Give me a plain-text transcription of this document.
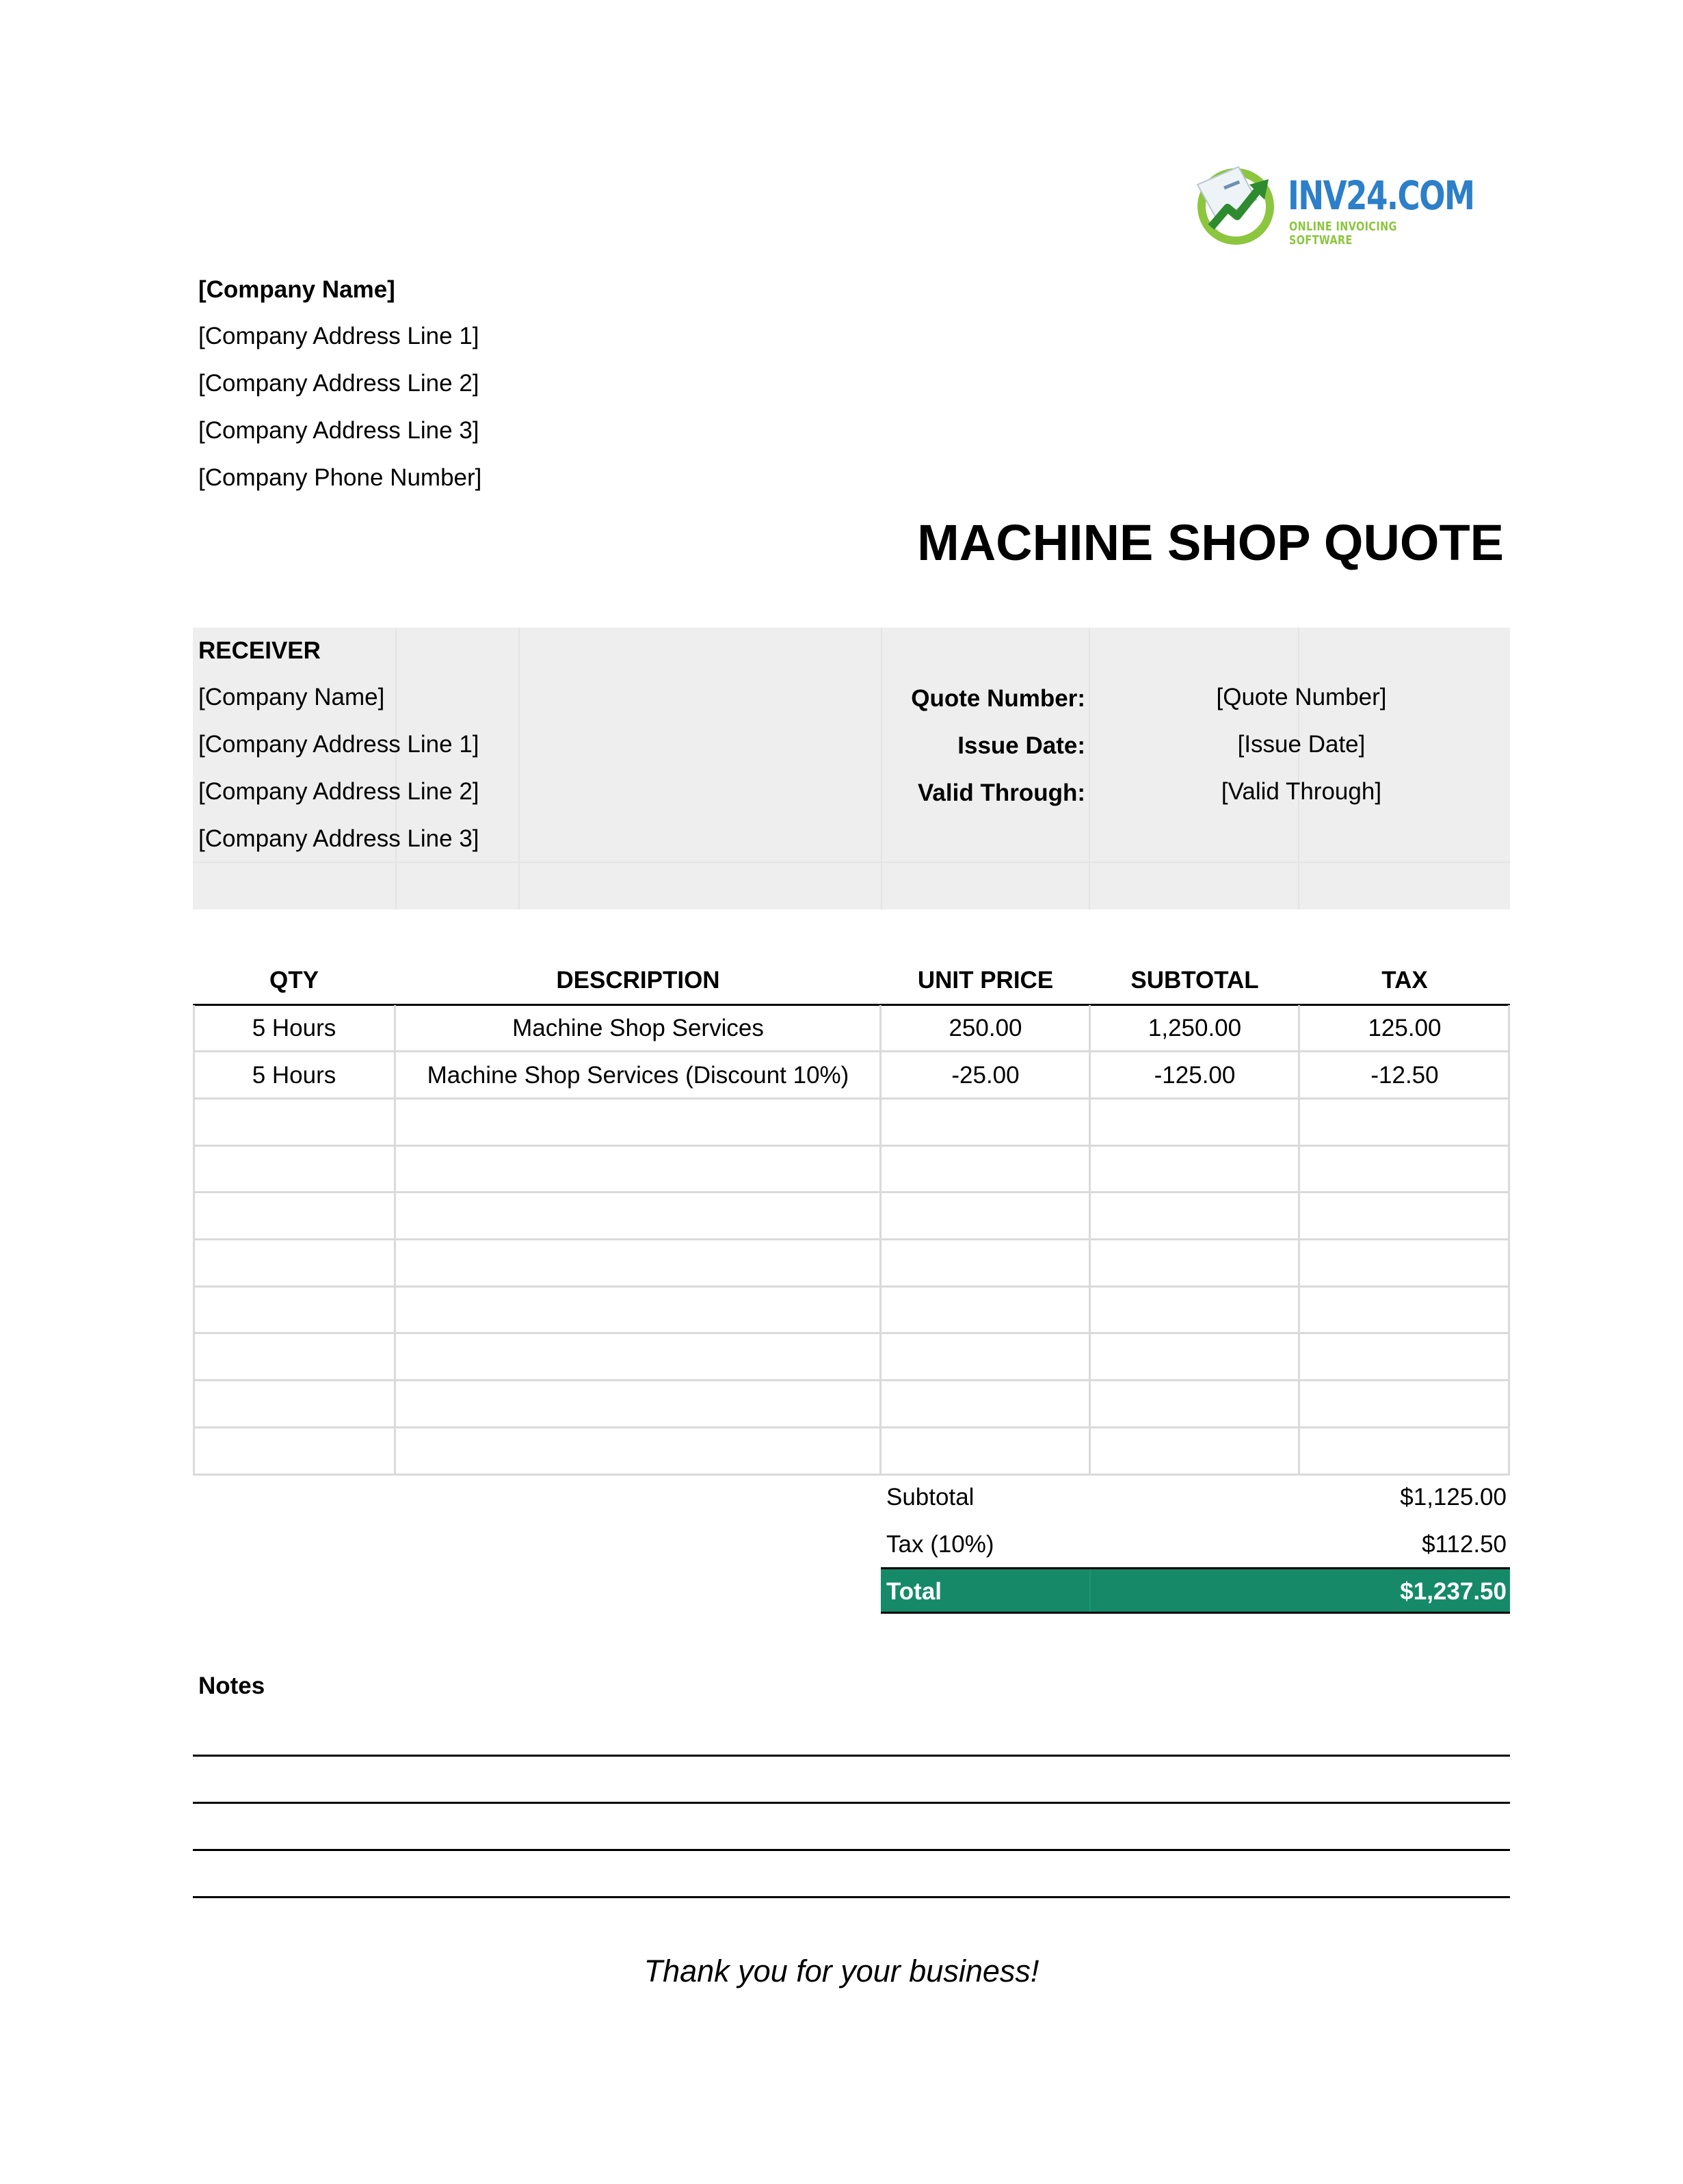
INV24.COM
ONLINE INVOICING SOFTWARE
[Company Name]
[Company Address Line 1]
[Company Address Line 2]
[Company Address Line 3]
[Company Phone Number]
MACHINE SHOP QUOTE
RECEIVER
[Company Name]
[Company Address Line 1]
[Company Address Line 2]
[Company Address Line 3]
Quote Number:	[Quote Number]
Issue Date:	[Issue Date]
Valid Through:	[Valid Through]
QTY	DESCRIPTION	UNIT PRICE	SUBTOTAL	TAX
5 Hours	Machine Shop Services	250.00	1,250.00	125.00
5 Hours	Machine Shop Services (Discount 10%)	-25.00	-125.00	-12.50
Subtotal	$1,125.00
Tax (10%)	$112.50
Total	$1,237.50
Notes
Thank you for your business!
